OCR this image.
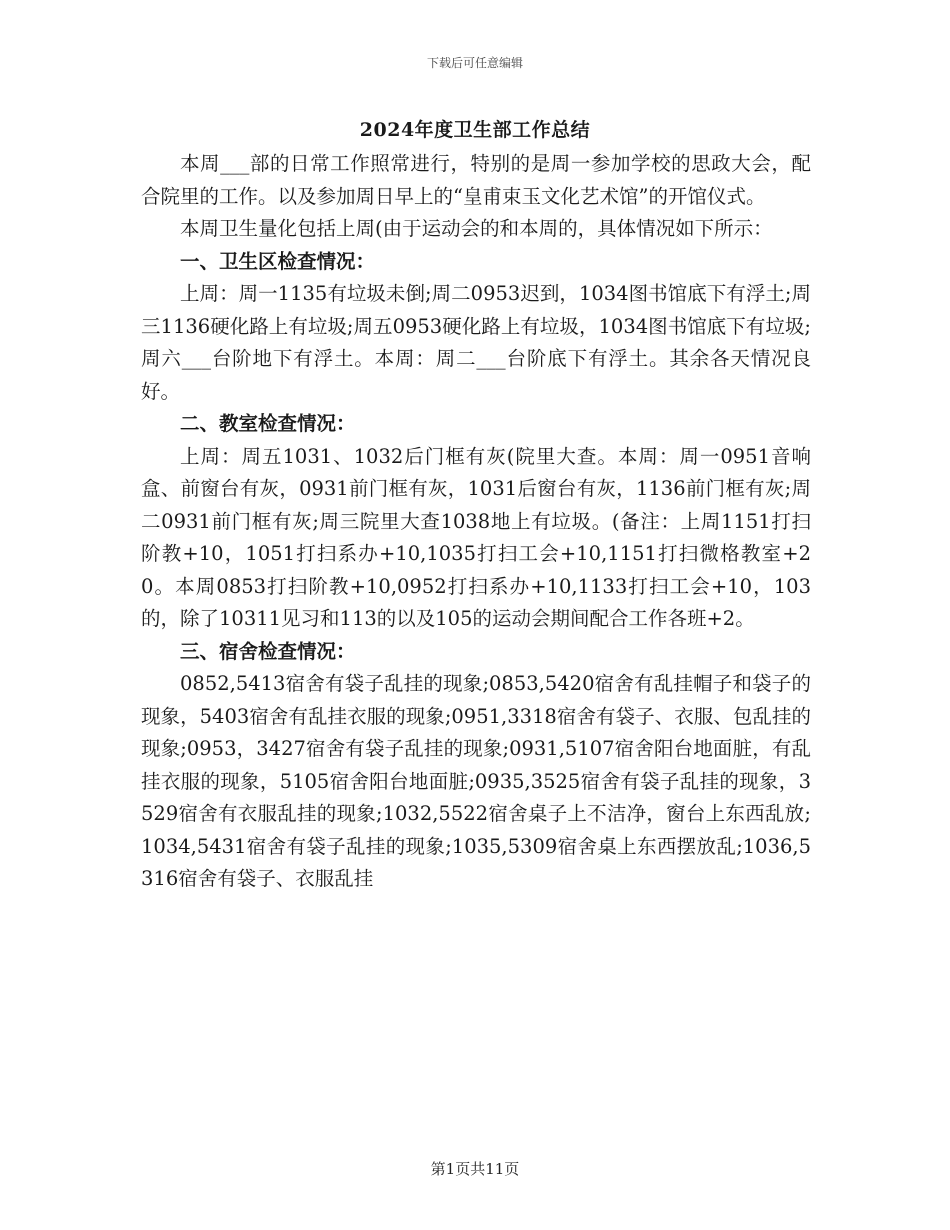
下载后可任意编辑
2024年度卫生部工作总结

本周___部的日常工作照常进行，特别的是周一参加学校的思政大会，配合院里的工作。以及参加周日早上的“皇甫束玉文化艺术馆”的开馆仪式。

本周卫生量化包括上周(由于运动会的和本周的，具体情况如下所示：

一、卫生区检查情况：

上周：周一1135有垃圾未倒;周二0953迟到，1034图书馆底下有浮土;周三1136硬化路上有垃圾;周五0953硬化路上有垃圾，1034图书馆底下有垃圾;周六___台阶地下有浮土。本周：周二___台阶底下有浮土。其余各天情况良好。

二、教室检查情况：

上周：周五1031、1032后门框有灰(院里大查。本周：周一0951音响盒、前窗台有灰，0931前门框有灰，1031后窗台有灰，1136前门框有灰;周二0931前门框有灰;周三院里大查1038地上有垃圾。(备注：上周1151打扫阶教+10，1051打扫系办+10,1035打扫工会+10,1151打扫微格教室+20。本周0853打扫阶教+10,0952打扫系办+10,1133打扫工会+10，103的，除了10311见习和113的以及105的运动会期间配合工作各班+2。

三、宿舍检查情况：

0852,5413宿舍有袋子乱挂的现象;0853,5420宿舍有乱挂帽子和袋子的现象，5403宿舍有乱挂衣服的现象;0951,3318宿舍有袋子、衣服、包乱挂的现象;0953，3427宿舍有袋子乱挂的现象;0931,5107宿舍阳台地面脏，有乱挂衣服的现象，5105宿舍阳台地面脏;0935,3525宿舍有袋子乱挂的现象，3529宿舍有衣服乱挂的现象;1032,5522宿舍桌子上不洁净，窗台上东西乱放;1034,5431宿舍有袋子乱挂的现象;1035,5309宿舍桌上东西摆放乱;1036,5316宿舍有袋子、衣服乱挂

第1页共11页
